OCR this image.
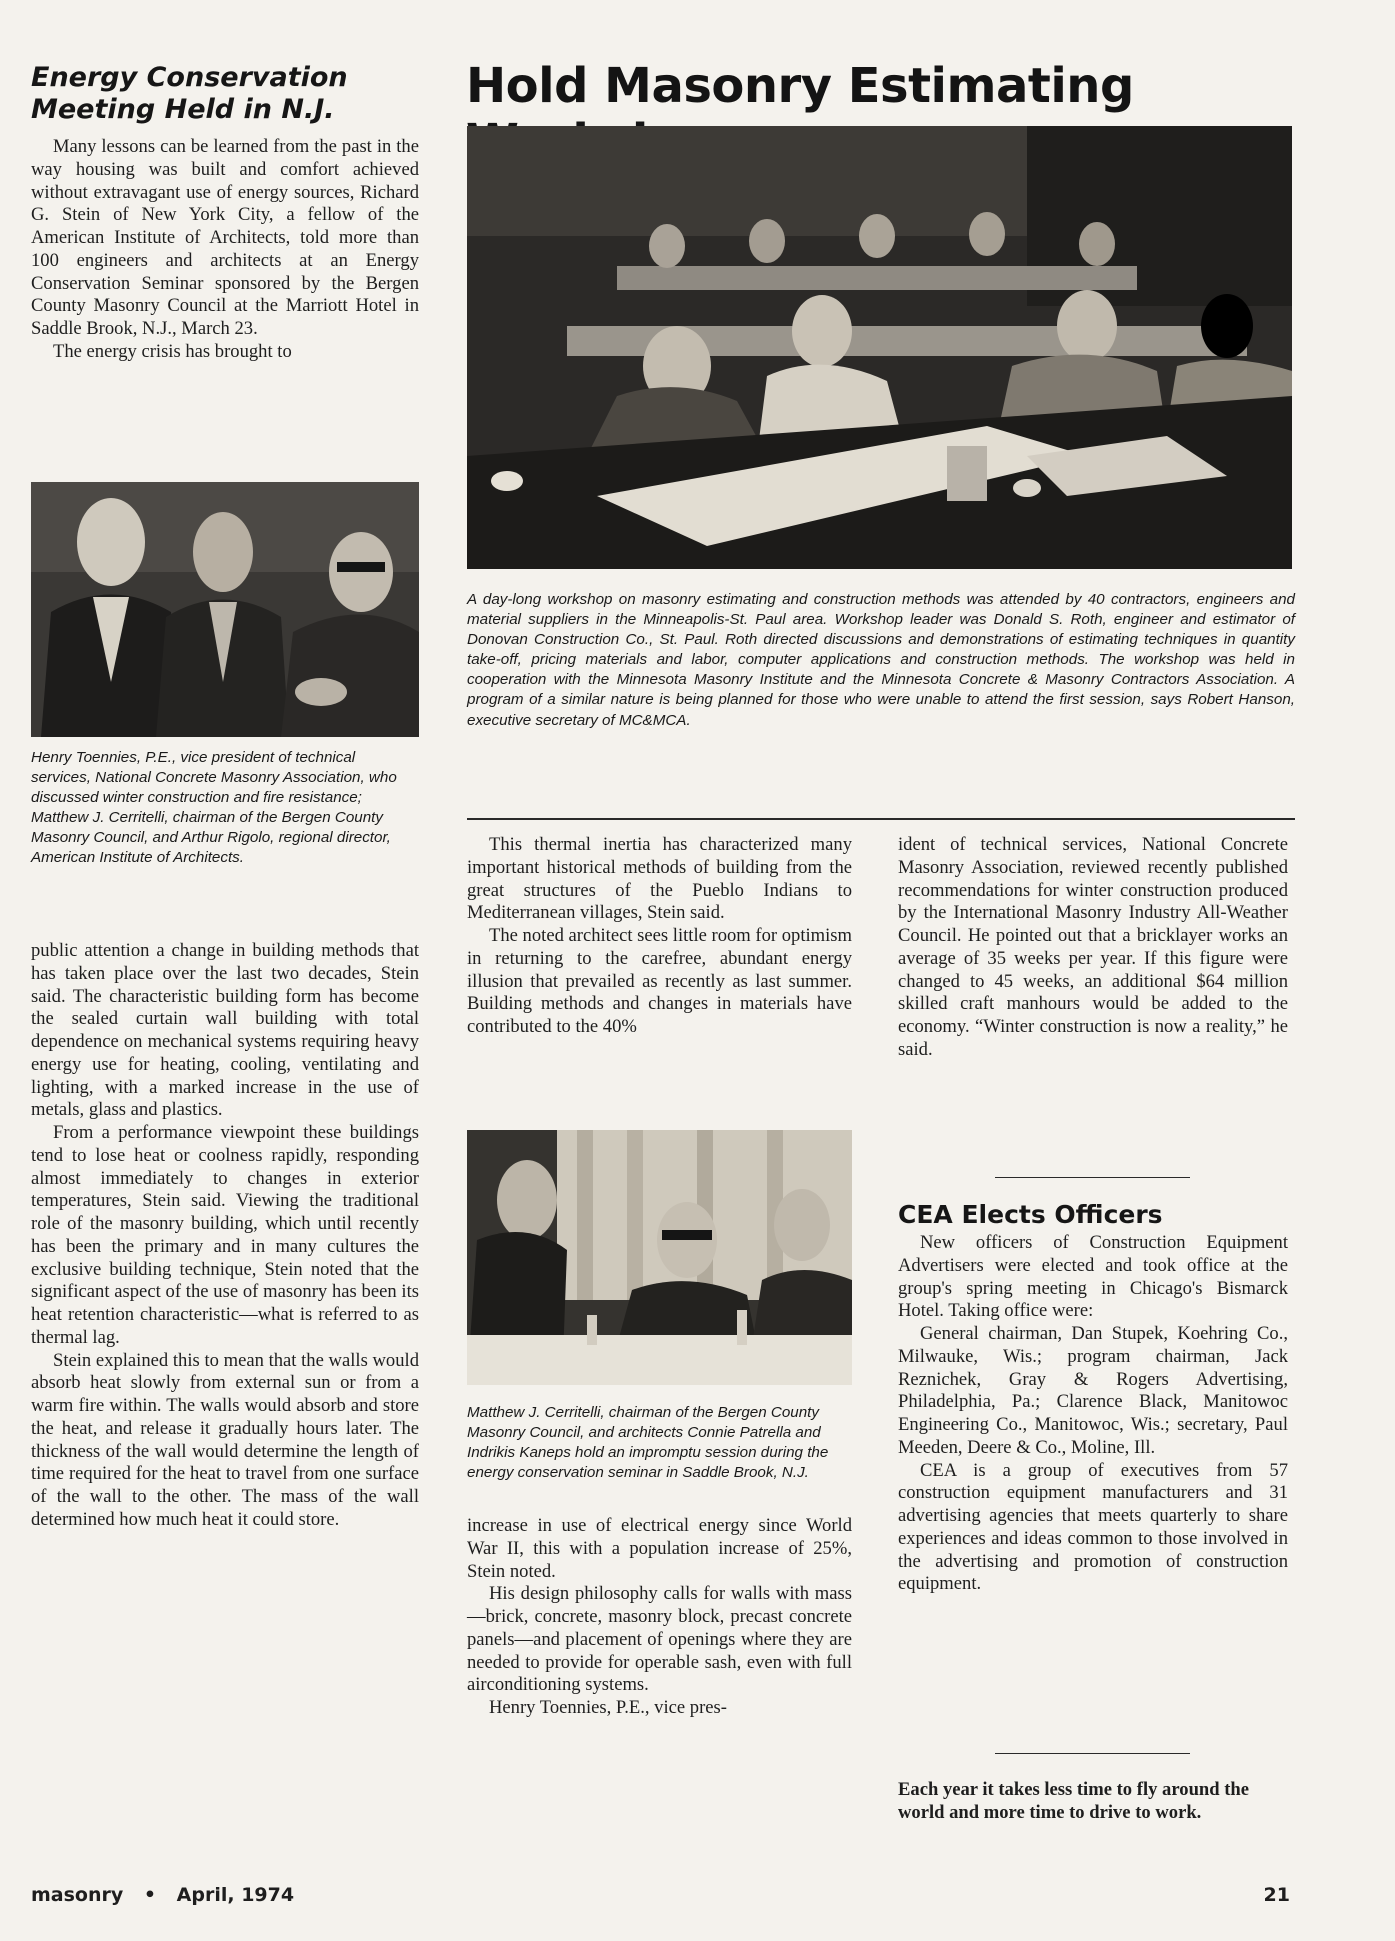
Energy Conservation
Meeting Held in N.J.

Many lessons can be learned from the past in the way housing was built and comfort achieved without extravagant use of energy sources, Richard G. Stein of New York City, a fellow of the American Institute of Architects, told more than 100 engineers and architects at an Energy Conservation Seminar sponsored by the Bergen County Masonry Council at the Marriott Hotel in Saddle Brook, N.J., March 23.

The energy crisis has brought to

Henry Toennies, P.E., vice president of technical services, National Concrete Masonry Association, who discussed winter construction and fire resistance; Matthew J. Cerritelli, chairman of the Bergen County Masonry Council, and Arthur Rigolo, regional director, American Institute of Architects.

public attention a change in building methods that has taken place over the last two decades, Stein said. The characteristic building form has become the sealed curtain wall building with total dependence on mechanical systems requiring heavy energy use for heating, cooling, ventilating and lighting, with a marked increase in the use of metals, glass and plastics.

From a performance viewpoint these buildings tend to lose heat or coolness rapidly, responding almost immediately to changes in exterior temperatures, Stein said. Viewing the traditional role of the masonry building, which until recently has been the primary and in many cultures the exclusive building technique, Stein noted that the significant aspect of the use of masonry has been its heat retention characteristic—what is referred to as thermal lag.

Stein explained this to mean that the walls would absorb heat slowly from external sun or from a warm fire within. The walls would absorb and store the heat, and release it gradually hours later. The thickness of the wall would determine the length of time required for the heat to travel from one surface of the wall to the other. The mass of the wall determined how much heat it could store.

Hold Masonry Estimating

A day-long workshop on masonry estimating and construction methods was attended by 40 contractors, engineers and material suppliers in the Minneapolis-St. Paul area. Workshop leader was Donald S. Roth, engineer and estimator of Donovan Construction Co., St. Paul. Roth directed discussions and demonstrations of estimating techniques in quantity take-off, pricing materials and labor, computer applications and construction methods. The workshop was held in cooperation with the Minnesota Masonry Institute and the Minnesota Concrete & Masonry Contractors Association. A program of a similar nature is being planned for those who were unable to attend the first session, says Robert Hanson, executive secretary of MC&MCA.

This thermal inertia has characterized many important historical methods of building from the great structures of the Pueblo Indians to Mediterranean villages, Stein said.

The noted architect sees little room for optimism in returning to the carefree, abundant energy illusion that prevailed as recently as last summer. Building methods and changes in materials have contributed to the 40%

Matthew J. Cerritelli, chairman of the Bergen County Masonry Council, and architects Connie Patrella and Indrikis Kaneps hold an impromptu session during the energy conservation seminar in Saddle Brook, N.J.

increase in use of electrical energy since World War II, this with a population increase of 25%, Stein noted.

His design philosophy calls for walls with mass—brick, concrete, masonry block, precast concrete panels—and placement of openings where they are needed to provide for operable sash, even with full airconditioning systems.

Henry Toennies, P.E., vice pres-

ident of technical services, National Concrete Masonry Association, reviewed recently published recommendations for winter construction produced by the International Masonry Industry All-Weather Council. He pointed out that a bricklayer works an average of 35 weeks per year. If this figure were changed to 45 weeks, an additional $64 million skilled craft manhours would be added to the economy. “Winter construction is now a reality,” he said.

CEA Elects Officers

New officers of Construction Equipment Advertisers were elected and took office at the group's spring meeting in Chicago's Bismarck Hotel. Taking office were:

General chairman, Dan Stupek, Koehring Co., Milwauke, Wis.; program chairman, Jack Reznichek, Gray & Rogers Advertising, Philadelphia, Pa.; Clarence Black, Manitowoc Engineering Co., Manitowoc, Wis.; secretary, Paul Meeden, Deere & Co., Moline, Ill.

CEA is a group of executives from 57 construction equipment manufacturers and 31 advertising agencies that meets quarterly to share experiences and ideas common to those involved in the advertising and promotion of construction equipment.

Each year it takes less time to fly around the world and more time to drive to work.

masonry • April, 1974	21
